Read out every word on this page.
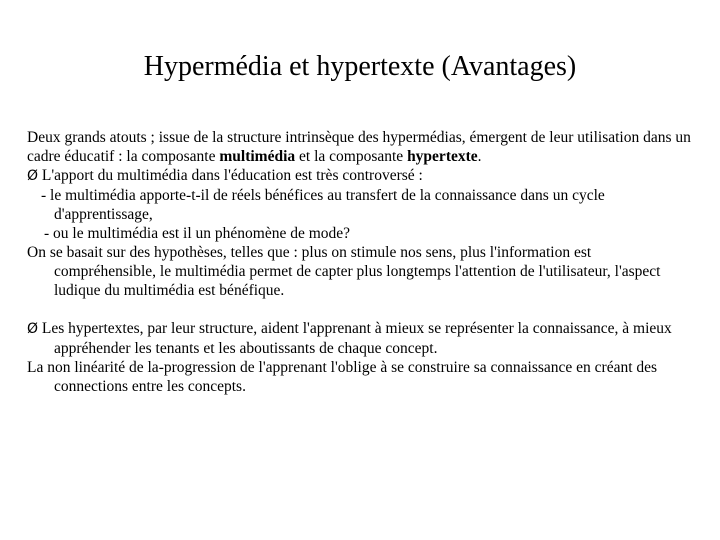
Hypermédia et hypertexte (Avantages)

Deux grands atouts ; issue de la structure intrinsèque des hypermédias, émergent de leur utilisation dans un cadre éducatif : la composante multimédia et la composante hypertexte.

Ø L'apport du multimédia dans l'éducation est très controversé :

- le multimédia apporte-t-il de réels bénéfices au transfert de la connaissance dans un cycle d'apprentissage,

- ou le multimédia est il un phénomène de mode?

On se basait sur des hypothèses, telles que : plus on stimule nos sens, plus l'information est compréhensible, le multimédia permet de capter plus longtemps l'attention de l'utilisateur, l'aspect ludique du multimédia est bénéfique.

Ø Les hypertextes, par leur structure, aident l'apprenant à mieux se représenter la connaissance, à mieux appréhender les tenants et les aboutissants de chaque concept.

La non linéarité de la-progression de l'apprenant l'oblige à se construire sa connaissance en créant des connections entre les concepts.
